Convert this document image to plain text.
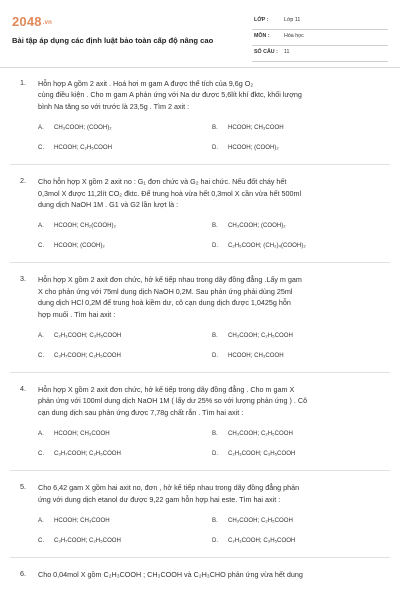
2048.vn
Bài tập áp dụng các định luật bảo toàn cấp độ nâng cao
LỚP :	Lớp 11
MÔN :	Hóa học
SỐ CÂU : 11
1. Hỗn hợp A gồm 2 axit . Hoá hơi m gam A được thể tích của 9,6g O₂
cùng điều kiện . Cho m gam A phản ứng với Na dư được 5,6lít khí đktc, khối lượng
bình Na tăng so với trước là 23,5g . Tìm 2 axit :

A. CH₃COOH; (COOH)₂	B. HCOOH; CH₃COOH
C. HCOOH; C₂H₅COOH	D. HCOOH; (COOH)₂
2. Cho hỗn hợp X gồm 2 axit no : G₁ đơn chức và G₂ hai chức. Nếu đốt cháy hết
0,3mol X được 11,2lít CO₂ đktc. Để trung hoà vừa hết 0,3mol X cần vừa hết 500ml
dung dịch NaOH 1M . G1 và G2 lần lượt là :

A. HCOOH; CH₂(COOH)₂	B. CH₃COOH; (COOH)₂
C. HCOOH; (COOH)₂	D. C₂H₅COOH; (CH₂)₄(COOH)₂
3. Hỗn hợp X gồm 2 axit đơn chức, hở kế tiếp nhau trong dãy đồng đẳng .Lấy m gam
X cho phản ứng với 75ml dung dịch NaOH 0,2M. Sau phản ứng phải dùng 25ml
dung dịch HCl 0,2M để trung hoà kiềm dư, cô cạn dung dịch được 1,0425g hỗn
hợp muối . Tìm hai axit :

A. C₂H₃COOH; C₃H₅COOH	B. CH₃COOH; C₂H₅COOH
C. C₃H₇COOH; C₂H₅COOH	D. HCOOH; CH₃COOH
4. Hỗn hợp X gồm 2 axit đơn chức, hở kế tiếp trong dãy đồng đẳng . Cho m gam X
phản ứng với 100ml dung dịch NaOH 1M ( lấy dư 25% so với lượng phản ứng ) . Cô
cạn dung dịch sau phản ứng được 7,78g chất rắn . Tìm hai axit :

A. HCOOH; CH₃COOH	B. CH₃COOH; C₂H₅COOH
C. C₃H₇COOH; C₂H₅COOH	D. C₂H₃COOH; C₃H₅COOH
5. Cho 6,42 gam X gồm hai axit no, đơn , hở kế tiếp nhau trong dãy đồng đẳng phản
ứng với dung dịch etanol dư được 9,22 gam hỗn hợp hai este. Tìm hai axit :

A. HCOOH; CH₃COOH	B. CH₃COOH; C₂H₅COOH
C. C₃H₇COOH; C₂H₅COOH	D. C₂H₃COOH; C₃H₅COOH
6. Cho 0,04mol X gồm C₂H₃COOH ; CH₃COOH và C₂H₃CHO phản ứng vừa hết dung
